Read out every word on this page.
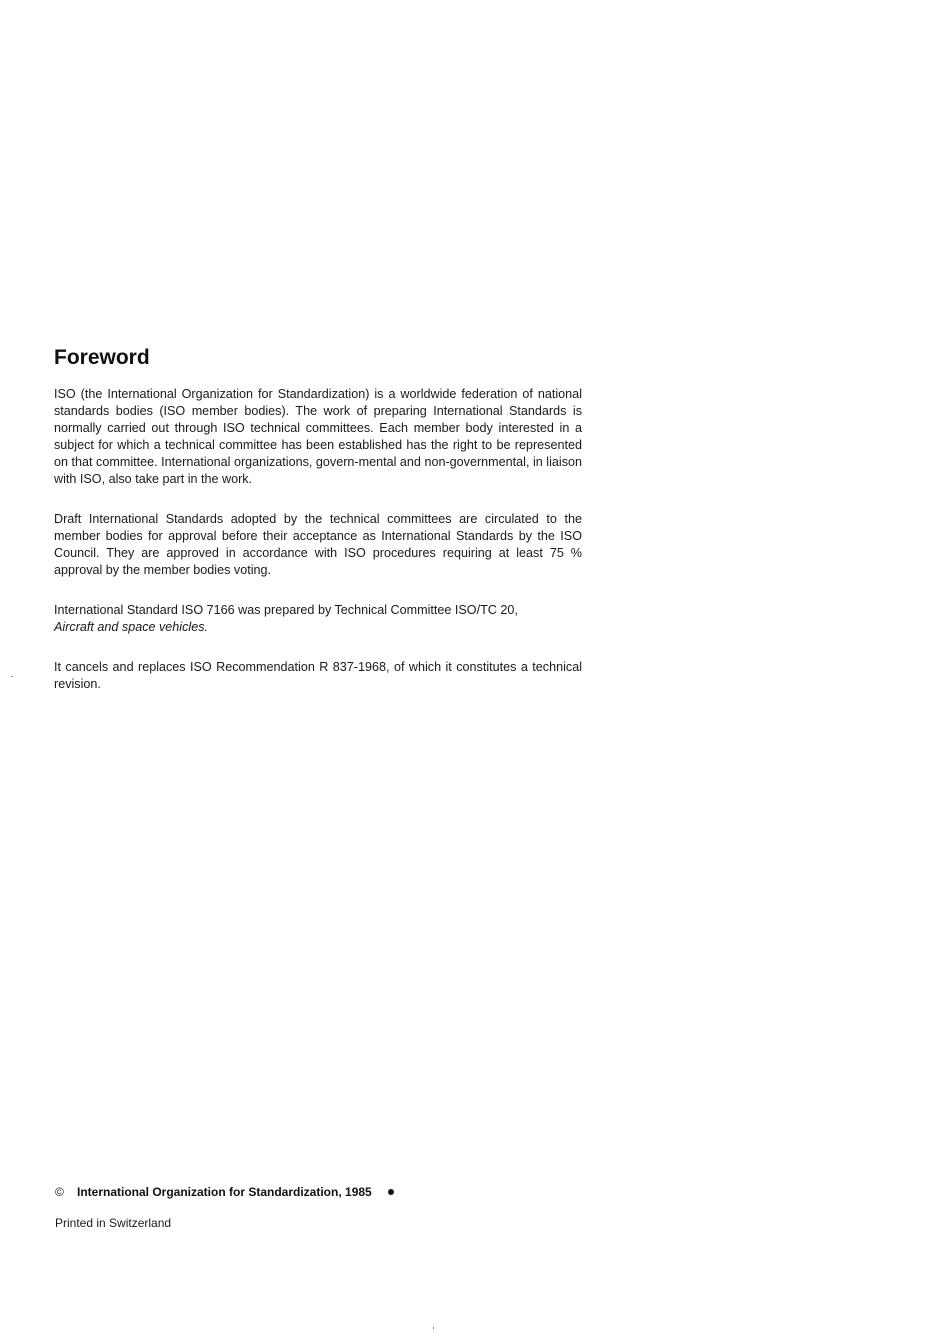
Foreword

ISO (the International Organization for Standardization) is a worldwide federation of national standards bodies (ISO member bodies). The work of preparing International Standards is normally carried out through ISO technical committees. Each member body interested in a subject for which a technical committee has been established has the right to be represented on that committee. International organizations, govern-mental and non-governmental, in liaison with ISO, also take part in the work.

Draft International Standards adopted by the technical committees are circulated to the member bodies for approval before their acceptance as International Standards by the ISO Council. They are approved in accordance with ISO procedures requiring at least 75 % approval by the member bodies voting.

International Standard ISO 7166 was prepared by Technical Committee ISO/TC 20,
Aircraft and space vehicles.

It cancels and replaces ISO Recommendation R 837-1968, of which it constitutes a technical revision.

© International Organization for Standardization, 1985
Printed in Switzerland
